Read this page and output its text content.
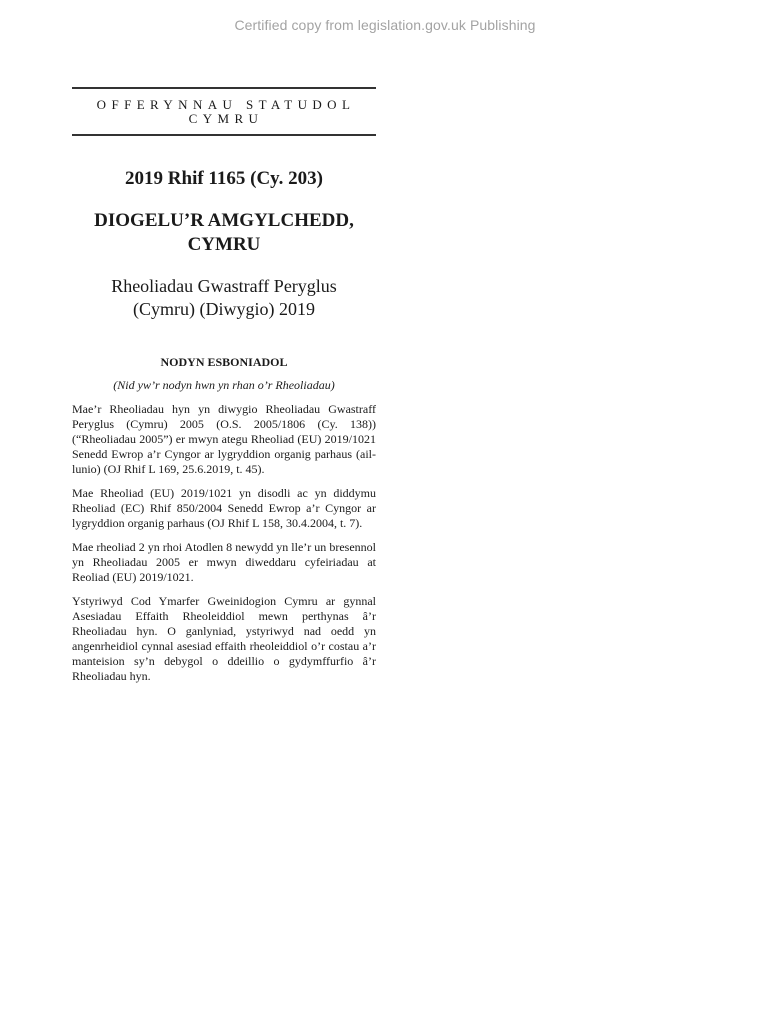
Certified copy from legislation.gov.uk Publishing
OFFERYNNAU STATUDOL
CYMRU
2019 Rhif 1165 (Cy. 203)
DIOGELU’R AMGYLCHEDD,
CYMRU
Rheoliadau Gwastraff Peryglus
(Cymru) (Diwygio) 2019
NODYN ESBONIADOL
(Nid yw’r nodyn hwn yn rhan o’r Rheoliadau)

Mae’r Rheoliadau hyn yn diwygio Rheoliadau Gwastraff Peryglus (Cymru) 2005 (O.S. 2005/1806 (Cy. 138)) (“Rheoliadau 2005”) er mwyn ategu Rheoliad (EU) 2019/1021 Senedd Ewrop a’r Cyngor ar lygryddion organig parhaus (ail-lunio) (OJ Rhif L 169, 25.6.2019, t. 45).

Mae Rheoliad (EU) 2019/1021 yn disodli ac yn diddymu Rheoliad (EC) Rhif 850/2004 Senedd Ewrop a’r Cyngor ar lygryddion organig parhaus (OJ Rhif L 158, 30.4.2004, t. 7).

Mae rheoliad 2 yn rhoi Atodlen 8 newydd yn lle’r un bresennol yn Rheoliadau 2005 er mwyn diweddaru cyfeiriadau at Reoliad (EU) 2019/1021.

Ystyriwyd Cod Ymarfer Gweinidogion Cymru ar gynnal Asesiadau Effaith Rheoleiddiol mewn perthynas â’r Rheoliadau hyn. O ganlyniad, ystyriwyd nad oedd yn angenrheidiol cynnal asesiad effaith rheoleiddiol o’r costau a’r manteision sy’n debygol o ddeillio o gydymffurfio â’r Rheoliadau hyn.
